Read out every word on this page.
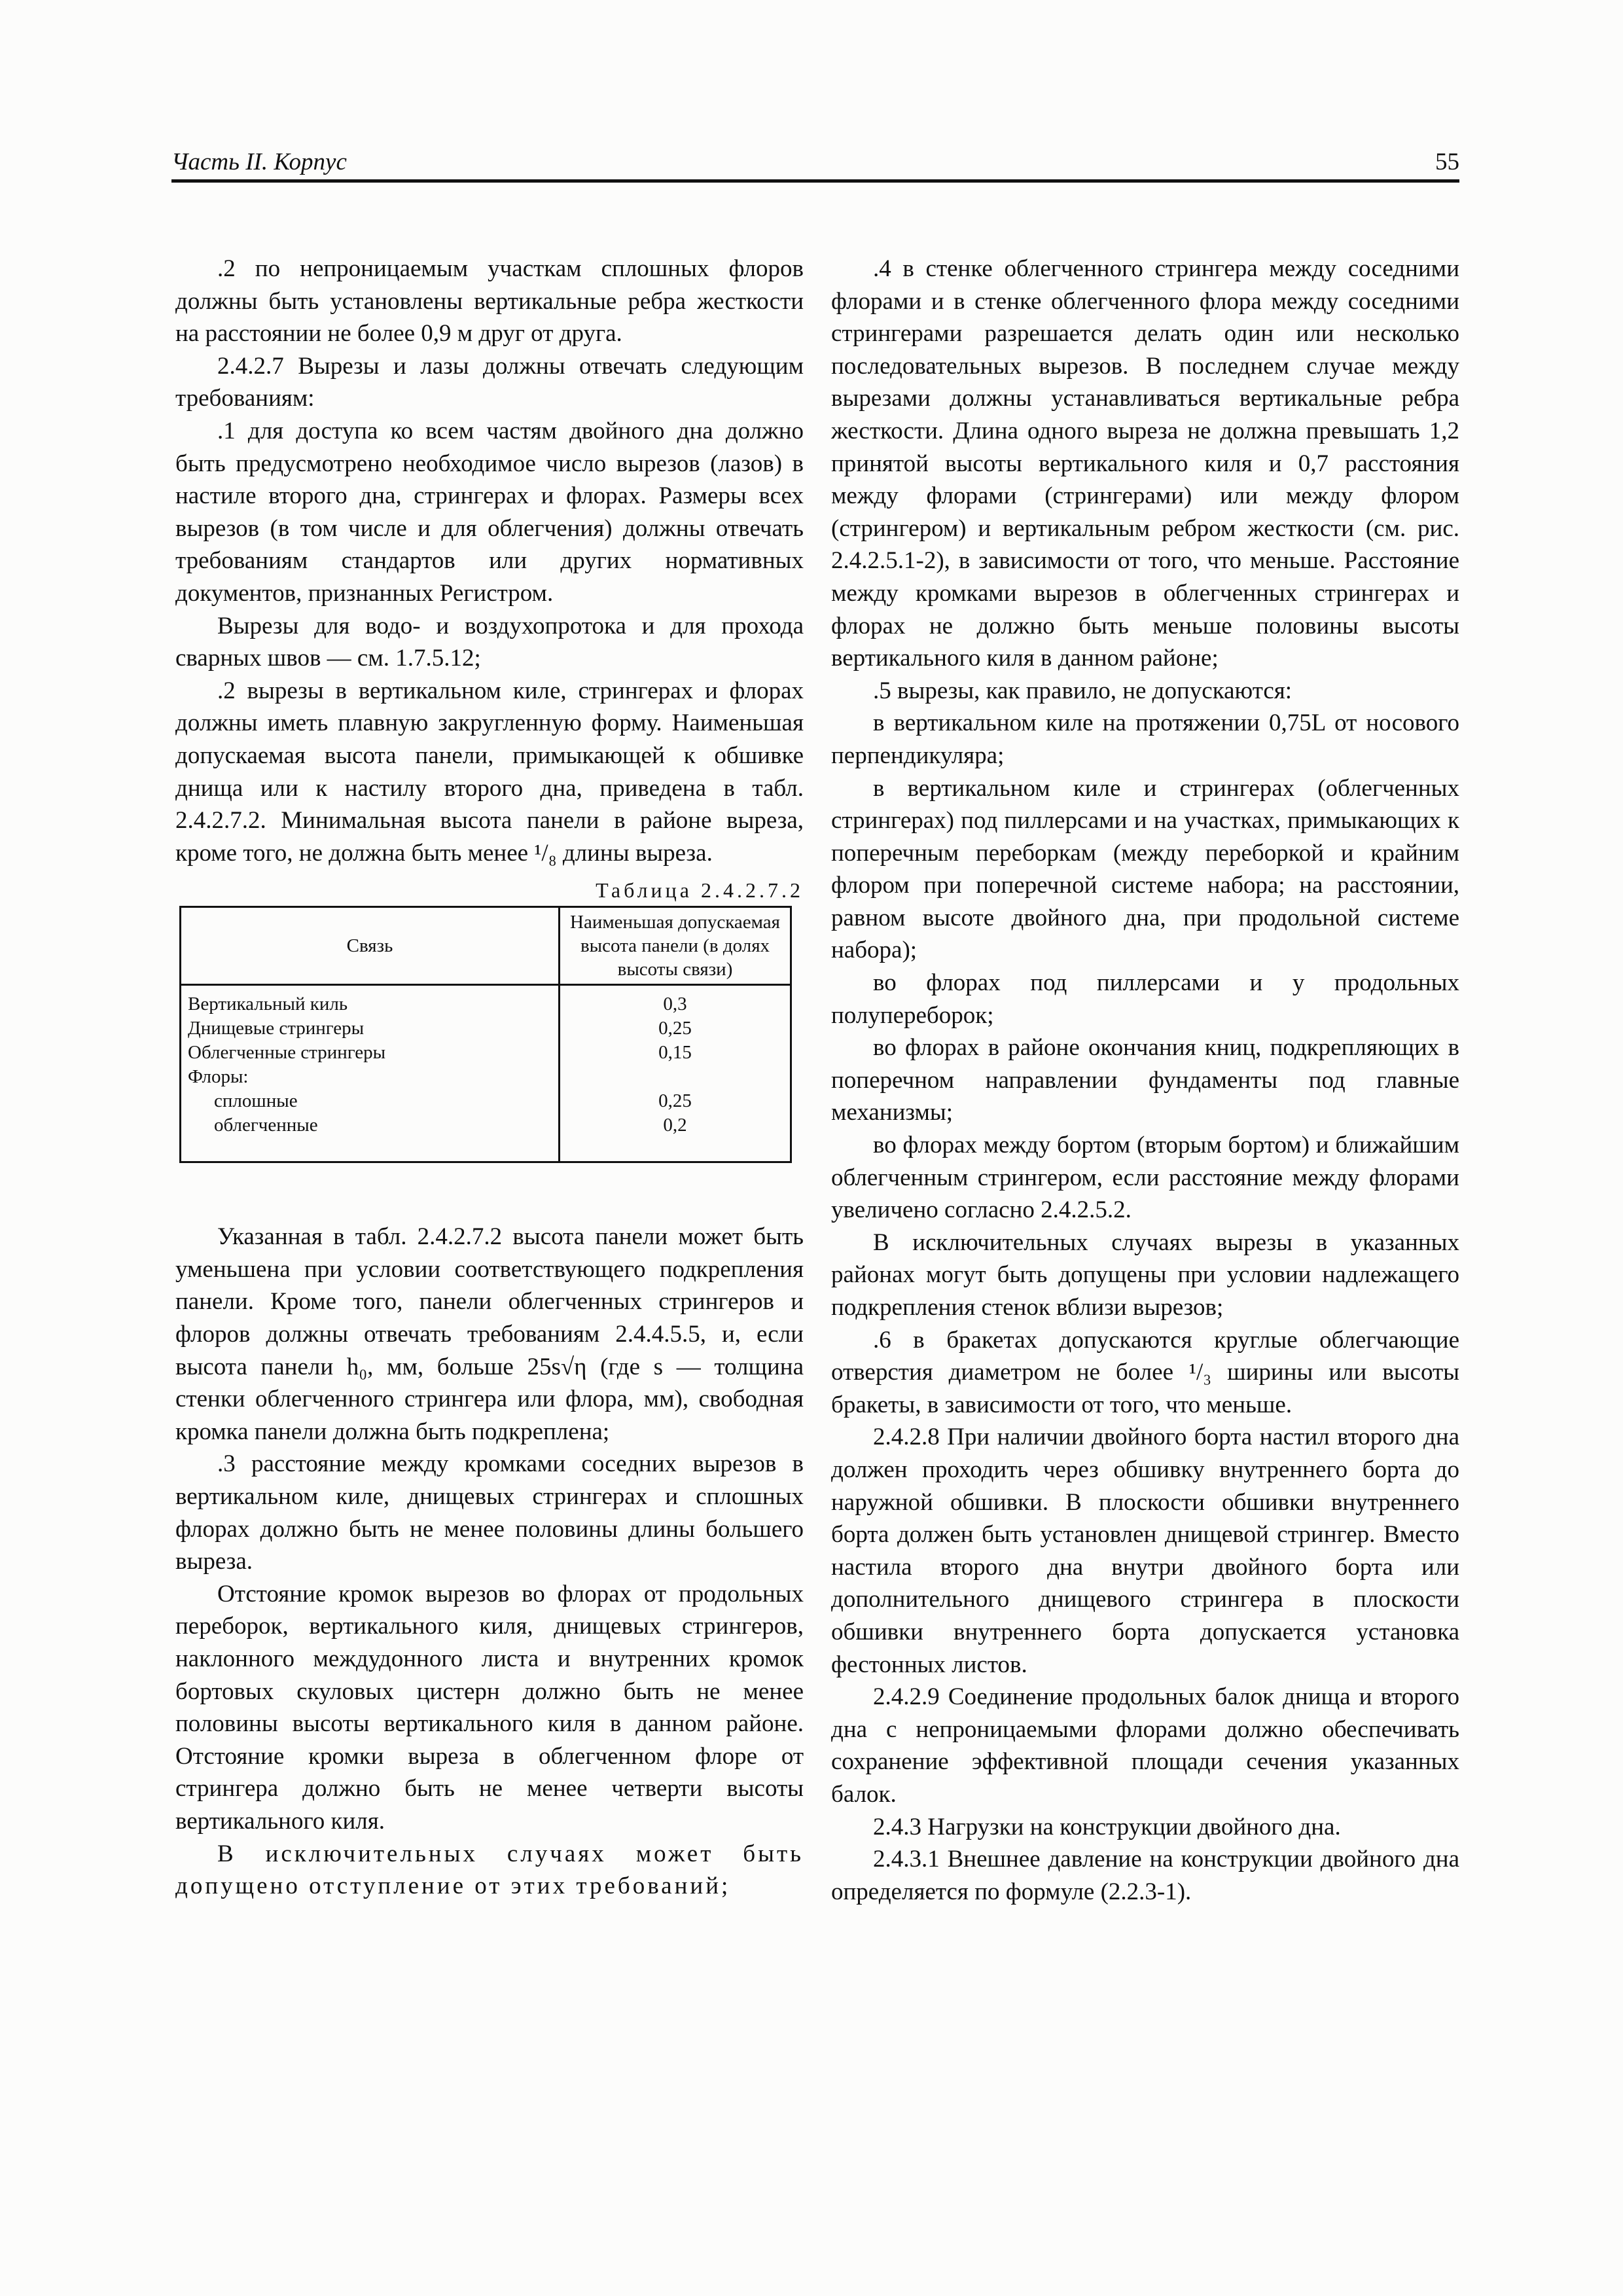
Часть II. Корпус	55

.2 по непроницаемым участкам сплошных флоров должны быть установлены вертикальные ребра жесткости на расстоянии не более 0,9 м друг от друга.

2.4.2.7 Вырезы и лазы должны отвечать следующим требованиям:

.1 для доступа ко всем частям двойного дна должно быть предусмотрено необходимое число вырезов (лазов) в настиле второго дна, стрингерах и флорах. Размеры всех вырезов (в том числе и для облегчения) должны отвечать требованиям стандартов или других нормативных документов, признанных Регистром.

Вырезы для водо- и воздухопротока и для прохода сварных швов — см. 1.7.5.12;

.2 вырезы в вертикальном киле, стрингерах и флорах должны иметь плавную закругленную форму. Наименьшая допускаемая высота панели, примыкающей к обшивке днища или к настилу второго дна, приведена в табл. 2.4.2.7.2. Минимальная высота панели в районе выреза, кроме того, не должна быть менее ¹/₈ длины выреза.

Таблица 2.4.2.7.2
Связь	Наименьшая допускаемая высота панели (в долях высоты связи)
Вертикальный киль	0,3
Днищевые стрингеры	0,25
Облегченные стрингеры	0,15
Флоры:	
сплошные	0,25
облегченные	0,2

Указанная в табл. 2.4.2.7.2 высота панели может быть уменьшена при условии соответствующего подкрепления панели. Кроме того, панели облегченных стрингеров и флоров должны отвечать требованиям 2.4.4.5.5, и, если высота панели h₀, мм, больше 25s√η (где s — толщина стенки облегченного стрингера или флора, мм), свободная кромка панели должна быть подкреплена;

.3 расстояние между кромками соседних вырезов в вертикальном киле, днищевых стрингерах и сплошных флорах должно быть не менее половины длины большего выреза.

Отстояние кромок вырезов во флорах от продольных переборок, вертикального киля, днищевых стрингеров, наклонного междудонного листа и внутренних кромок бортовых скуловых цистерн должно быть не менее половины высоты вертикального киля в данном районе. Отстояние кромки выреза в облегченном флоре от стрингера должно быть не менее четверти высоты вертикального киля.

В исключительных случаях может быть допущено отступление от этих требований;

.4 в стенке облегченного стрингера между соседними флорами и в стенке облегченного флора между соседними стрингерами разрешается делать один или несколько последовательных вырезов. В последнем случае между вырезами должны устанавливаться вертикальные ребра жесткости. Длина одного выреза не должна превышать 1,2 принятой высоты вертикального киля и 0,7 расстояния между флорами (стрингерами) или между флором (стрингером) и вертикальным ребром жесткости (см. рис. 2.4.2.5.1-2), в зависимости от того, что меньше. Расстояние между кромками вырезов в облегченных стрингерах и флорах не должно быть меньше половины высоты вертикального киля в данном районе;

.5 вырезы, как правило, не допускаются:

в вертикальном киле на протяжении 0,75L от носового перпендикуляра;

в вертикальном киле и стрингерах (облегченных стрингерах) под пиллерсами и на участках, примыкающих к поперечным переборкам (между переборкой и крайним флором при поперечной системе набора; на расстоянии, равном высоте двойного дна, при продольной системе набора);

во флорах под пиллерсами и у продольных полупереборок;

во флорах в районе окончания книц, подкрепляющих в поперечном направлении фундаменты под главные механизмы;

во флорах между бортом (вторым бортом) и ближайшим облегченным стрингером, если расстояние между флорами увеличено согласно 2.4.2.5.2.

В исключительных случаях вырезы в указанных районах могут быть допущены при условии надлежащего подкрепления стенок вблизи вырезов;

.6 в бракетах допускаются круглые облегчающие отверстия диаметром не более ¹/₃ ширины или высоты бракеты, в зависимости от того, что меньше.

2.4.2.8 При наличии двойного борта настил второго дна должен проходить через обшивку внутреннего борта до наружной обшивки. В плоскости обшивки внутреннего борта должен быть установлен днищевой стрингер. Вместо настила второго дна внутри двойного борта или дополнительного днищевого стрингера в плоскости обшивки внутреннего борта допускается установка фестонных листов.

2.4.2.9 Соединение продольных балок днища и второго дна с непроницаемыми флорами должно обеспечивать сохранение эффективной площади сечения указанных балок.

2.4.3 Нагрузки на конструкции двойного дна.

2.4.3.1 Внешнее давление на конструкции двойного дна определяется по формуле (2.2.3-1).
